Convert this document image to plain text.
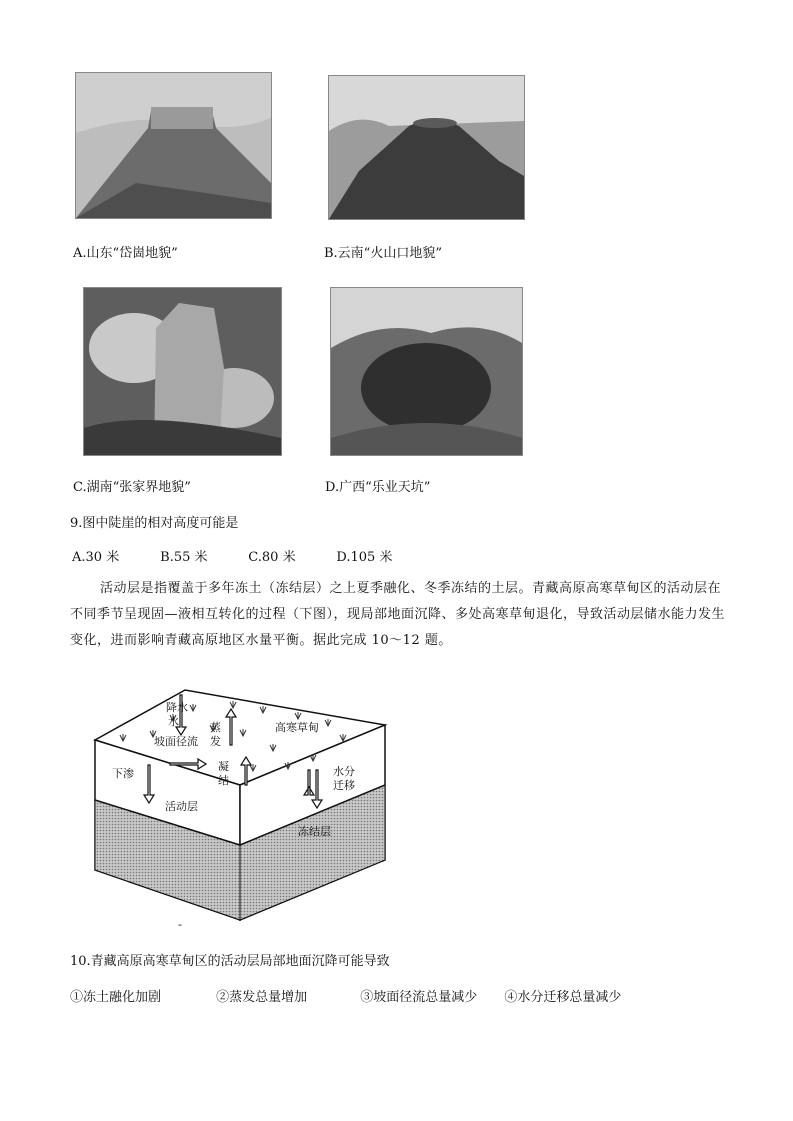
A.山东“岱崮地貌”	B.云南“火山口地貌”
C.湖南“张家界地貌”	D.广西“乐业天坑”
9.图中陡崖的相对高度可能是
A.30 米	B.55 米	C.80 米	D.105 米
活动层是指覆盖于多年冻土（冻结层）之上夏季融化、冬季冻结的土层。青藏高原高寒草甸区的活动层在不同季节呈现固—液相互转化的过程（下图），现局部地面沉降、多处高寒草甸退化，导致活动层储水能力发生变化，进而影响青藏高原地区水量平衡。据此完成 10～12 题。
降水
水	蒸
发
高寒草甸
坡面径流
下渗
凝
结
水分
迁移
活动层
冻结层
-
10.青藏高原高寒草甸区的活动层局部地面沉降可能导致
①冻土融化加剧	②蒸发总量增加	③坡面径流总量减少 ④水分迁移总量减少
